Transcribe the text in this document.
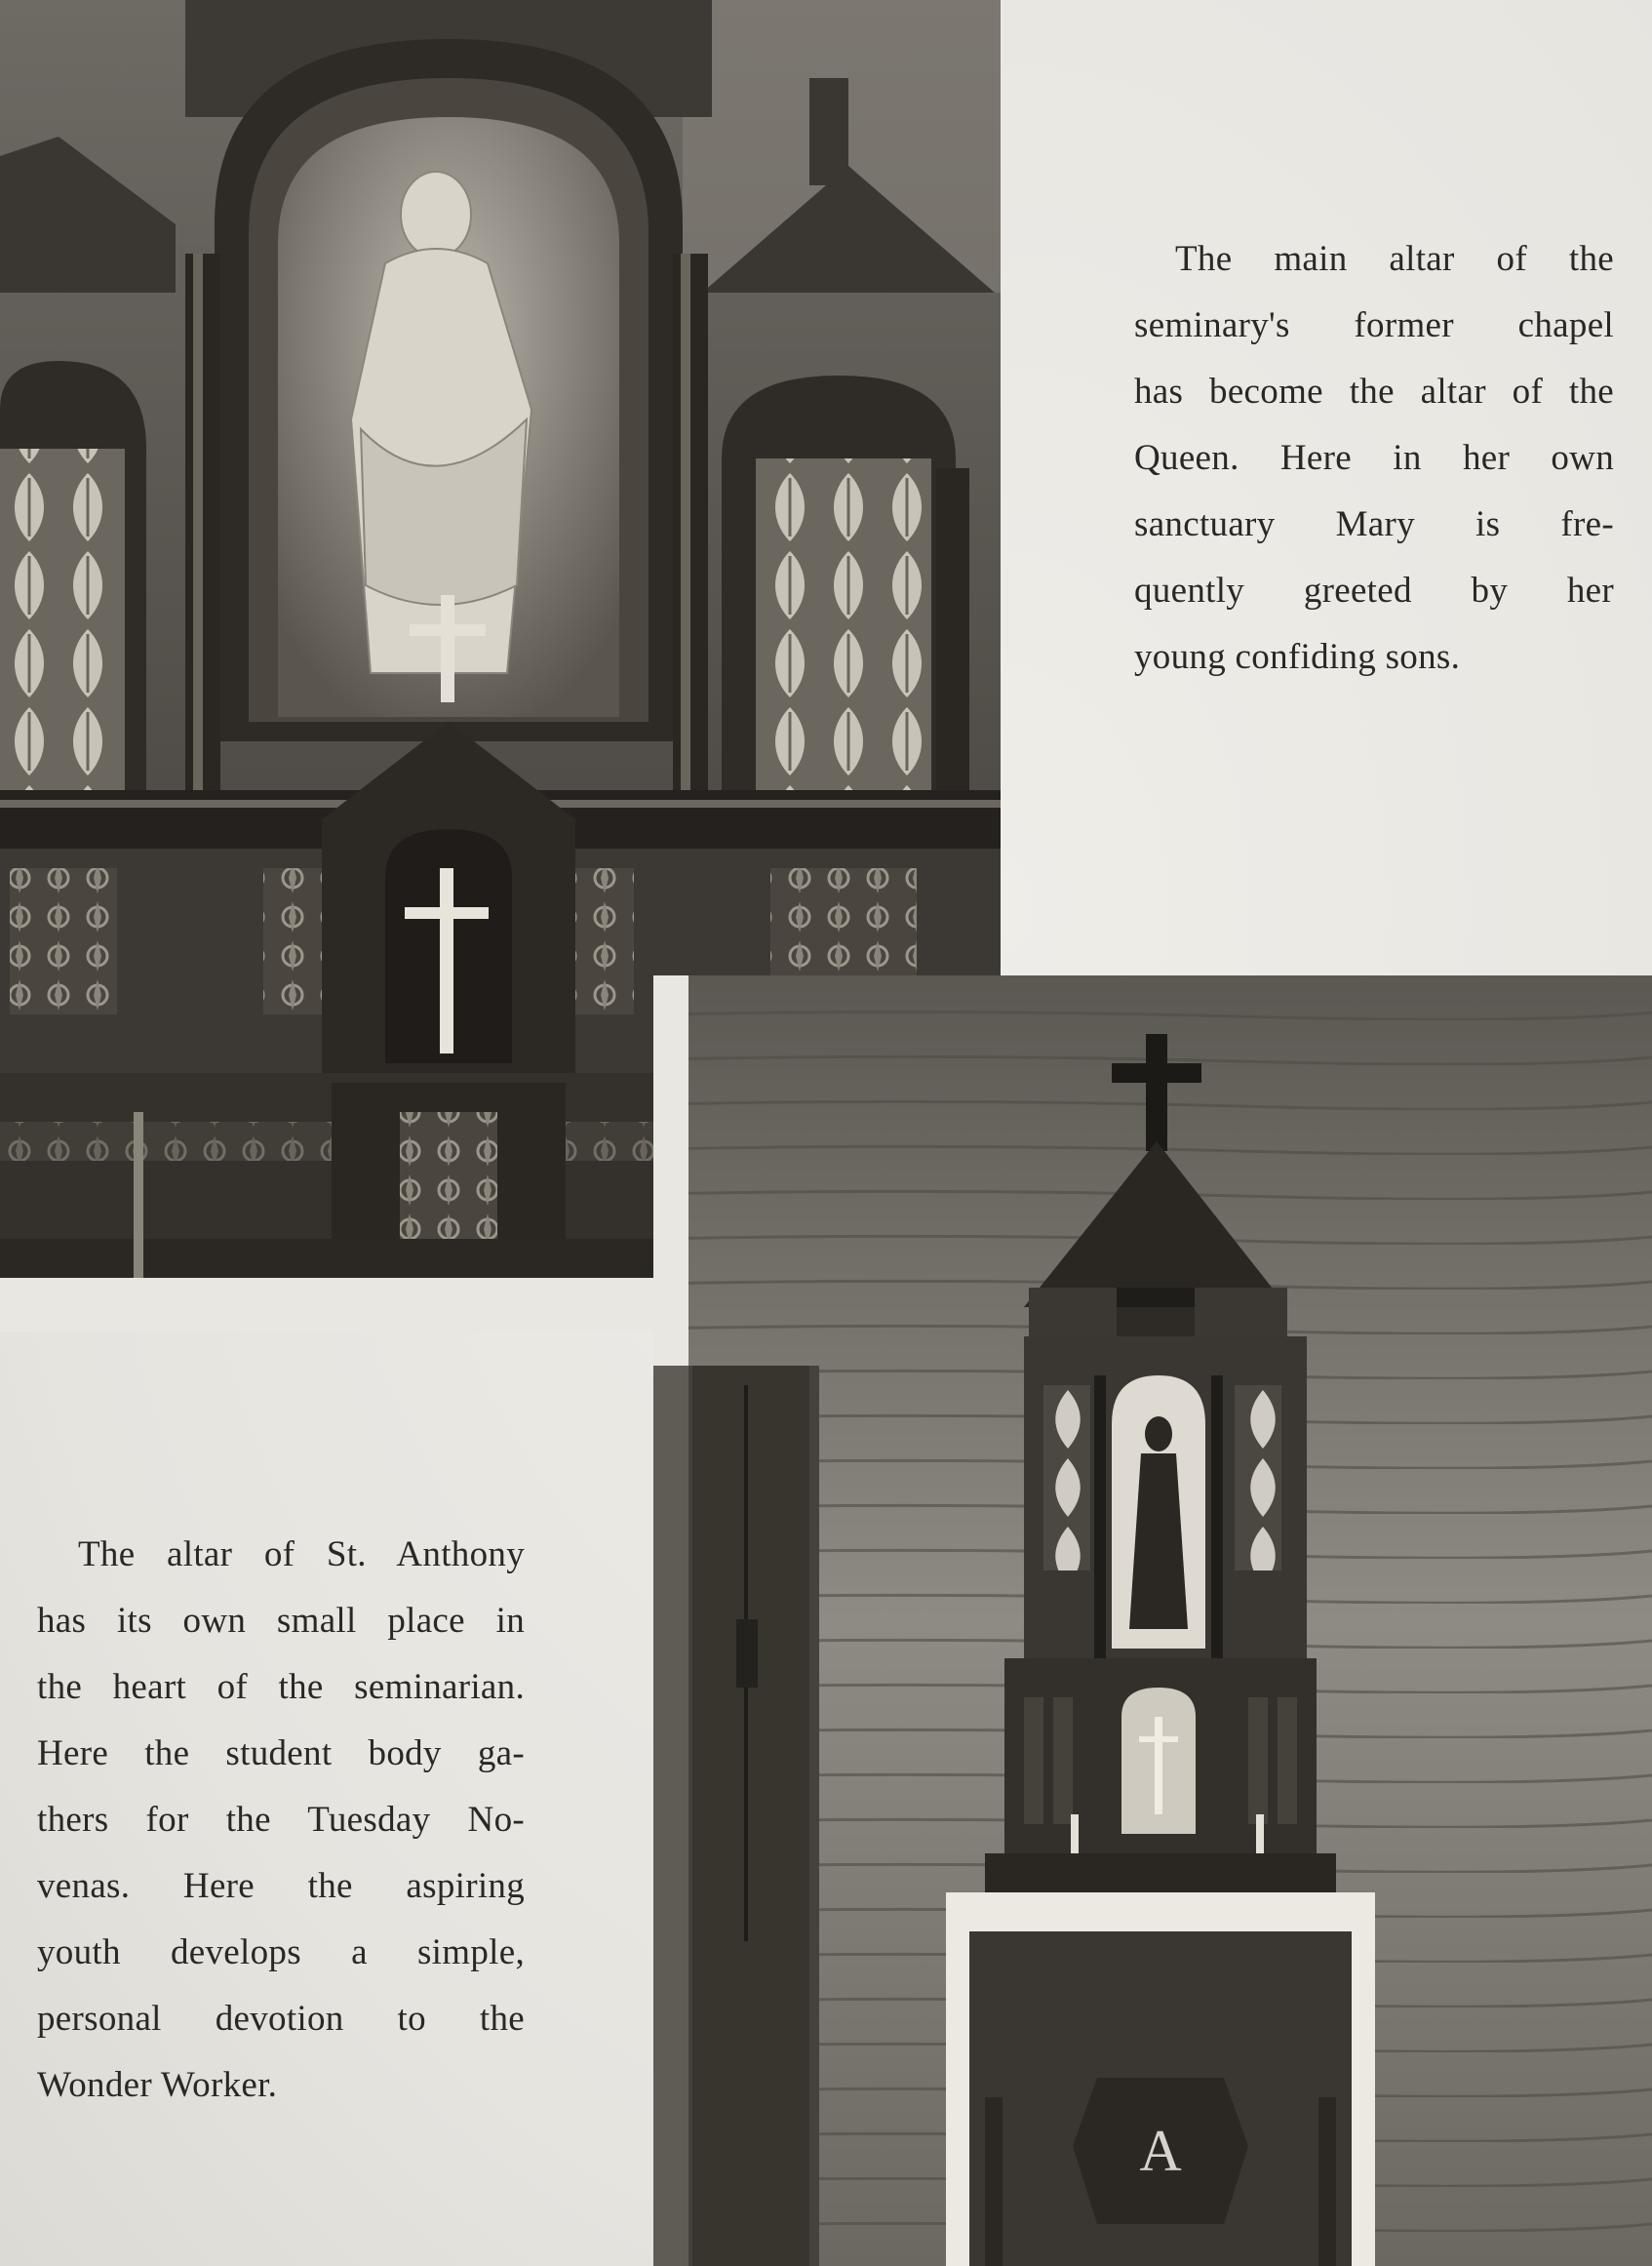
A
The main altar of the
seminary's former chapel
has become the altar of the
Queen. Here in her own
sanctuary Mary is fre-
quently greeted by her
young confiding sons.
The altar of St. Anthony
has its own small place in
the heart of the seminarian.
Here the student body ga-
thers for the Tuesday No-
venas. Here the aspiring
youth develops a simple,
personal devotion to the
Wonder Worker.
